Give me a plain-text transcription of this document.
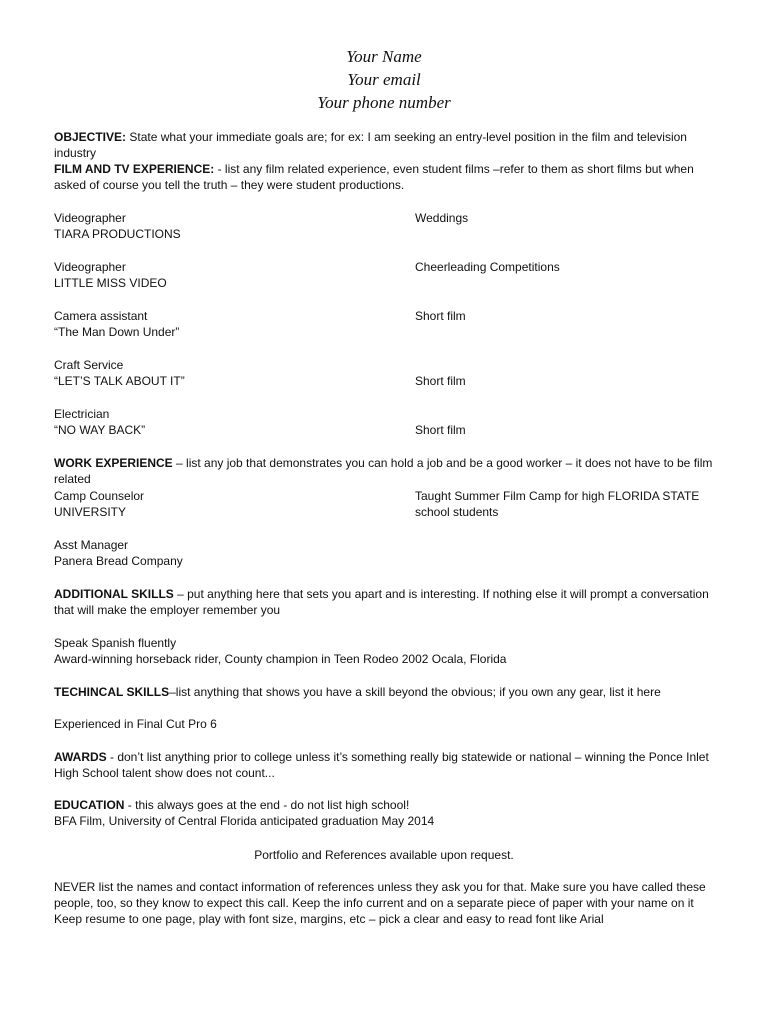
Your Name
Your email
Your phone number
OBJECTIVE: State what your immediate goals are; for ex: I am seeking an entry-level position in the film and television industry
FILM AND TV EXPERIENCE: - list any film related experience, even student films –refer to them as short films but when asked of course you tell the truth – they were student productions.
Videographer
TIARA PRODUCTIONS
Weddings
Videographer
LITTLE MISS VIDEO
Cheerleading Competitions
Camera assistant
“The Man Down Under”
Short film
Craft Service
“LET’S TALK ABOUT IT”	Short film
Electrician
“NO WAY BACK”	Short film
WORK EXPERIENCE – list any job that demonstrates you can hold a job and be a good worker – it does not have to be film related
Camp Counselor
UNIVERSITY
Taught Summer Film Camp for high FLORIDA STATE
school students
Asst Manager
Panera Bread Company
ADDITIONAL SKILLS – put anything here that sets you apart and is interesting. If nothing else it will prompt a conversation that will make the employer remember you
Speak Spanish fluently
Award-winning horseback rider, County champion in Teen Rodeo 2002 Ocala, Florida
TECHINCAL SKILLS–list anything that shows you have a skill beyond the obvious; if you own any gear, list it here
Experienced in Final Cut Pro 6
AWARDS - don’t list anything prior to college unless it’s something really big statewide or national – winning the Ponce Inlet High School talent show does not count...
EDUCATION - this always goes at the end - do not list high school!
BFA Film, University of Central Florida anticipated graduation May 2014
Portfolio and References available upon request.
NEVER list the names and contact information of references unless they ask you for that. Make sure you have called these people, too, so they know to expect this call. Keep the info current and on a separate piece of paper with your name on it
Keep resume to one page, play with font size, margins, etc – pick a clear and easy to read font like Arial
